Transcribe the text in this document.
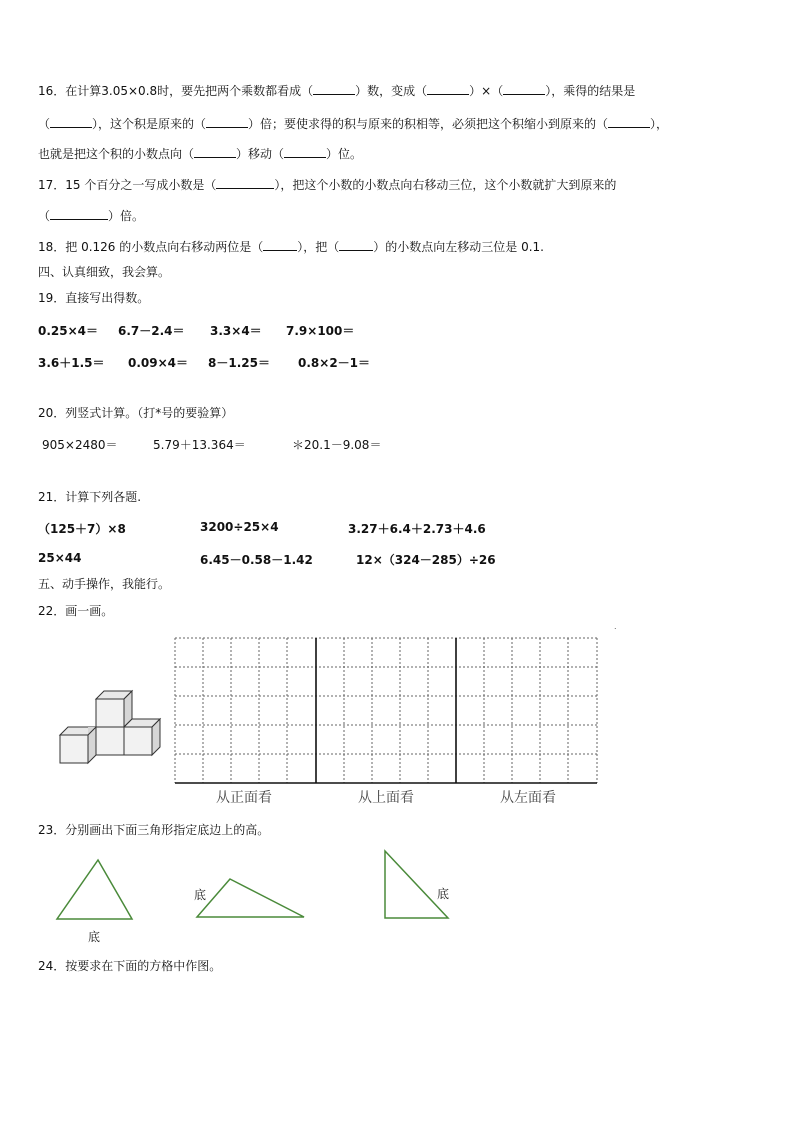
16．在计算3.05×0.8时，要先把两个乘数都看成（	）数，变成（	）×（	），乘得的结果是
（	），这个积是原来的（	）倍；要使求得的积与原来的积相等，必须把这个积缩小到原来的（	），
也就是把这个积的小数点向（	）移动（	）位。
17．15 个百分之一写成小数是（	），把这个小数的小数点向右移动三位，这个小数就扩大到原来的
（	）倍。
18．把 0.126 的小数点向右移动两位是（	），把（	）的小数点向左移动三位是 0.1.
四、认真细致，我会算。
19．直接写出得数。
0.25×4＝ 6.7－2.4＝ 3.3×4＝ 7.9×100＝
3.6＋1.5＝ 0.09×4＝ 8－1.25＝ 0.8×2－1＝
20．列竖式计算。（打*号的要验算）
905×2480＝	5.79＋13.364＝	＊20.1－9.08＝
21．计算下列各题.
（125＋7）×8	3200÷25×4	3.27＋6.4＋2.73＋4.6
25×44	6.45－0.58－1.42	12×（324－285）÷26
五、动手操作，我能行。
22．画一画。
.
从正面看	从上面看	从左面看
23．分别画出下面三角形指定底边上的高。
底
底	底
24．按要求在下面的方格中作图。
